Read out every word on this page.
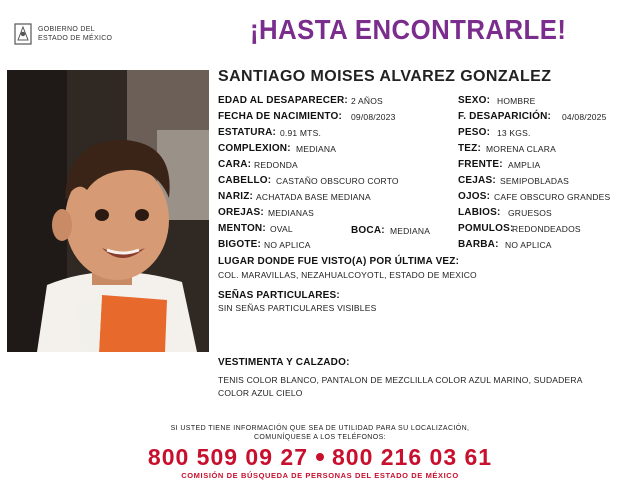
GOBIERNO DEL
ESTADO DE MÉXICO	¡HASTA ENCONTRARLE!
SANTIAGO MOISES ALVAREZ GONZALEZ
EDAD AL DESAPARECER: 2 AÑOS
FECHA DE NACIMIENTO: 09/08/2023
ESTATURA: 0.91 MTS.
COMPLEXION: MEDIANA
CARA: REDONDA
CABELLO: CASTAÑO OBSCURO CORTO
NARIZ: ACHATADA BASE MEDIANA
OREJAS: MEDIANAS
MENTON: OVAL	BOCA: MEDIANA
BIGOTE: NO APLICA
SEXO: HOMBRE
F. DESAPARICIÓN: 04/08/2025
PESO: 13 KGS.
TEZ: MORENA CLARA
FRENTE: AMPLIA
CEJAS: SEMIPOBLADAS
OJOS: CAFE OBSCURO GRANDES
LABIOS: GRUESOS
POMULOS:
REDONDEADOS
BARBA: NO APLICA
LUGAR DONDE FUE VISTO(A) POR ÚLTIMA VEZ:
COL. MARAVILLAS, NEZAHUALCOYOTL, ESTADO DE MEXICO
SEÑAS PARTICULARES:
SIN SEÑAS PARTICULARES VISIBLES
VESTIMENTA Y CALZADO:
TENIS COLOR BLANCO, PANTALON DE MEZCLILLA COLOR AZUL MARINO, SUDADERA
COLOR AZUL CIELO
SI USTED TIENE INFORMACIÓN QUE SEA DE UTILIDAD PARA SU LOCALIZACIÓN,
COMUNÍQUESE A LOS TELÉFONOS:
800 509 09 27 800 216 03 61
COMISIÓN DE BÚSQUEDA DE PERSONAS DEL ESTADO DE MÉXICO
